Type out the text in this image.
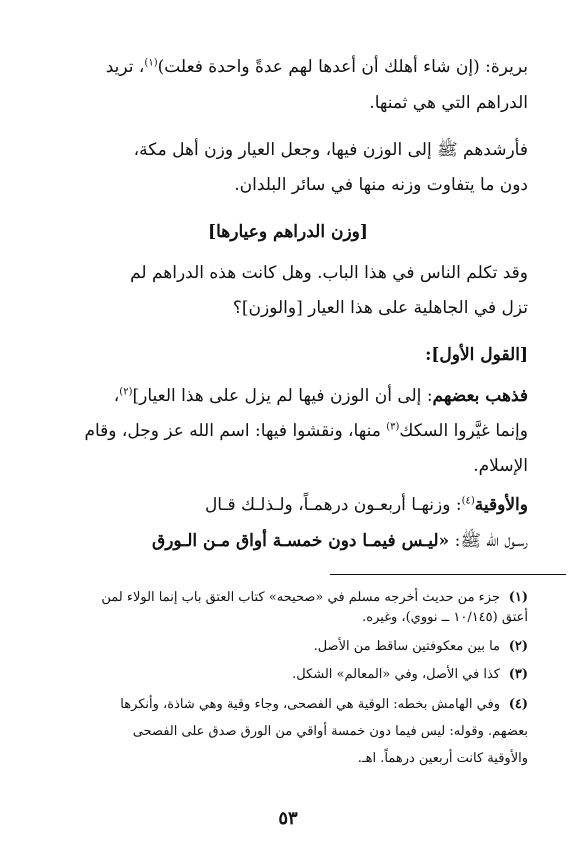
بريرة: (إن شاء أهلك أن أعدها لهم عدةً واحدة فعلت)$^{(١)}$، تريد
الدراهم التي هي ثمنها.
فأرشدهم ﷺ إلى الوزن فيها، وجعل العيار وزن أهل مكة،
دون ما يتفاوت وزنه منها في سائر البلدان.
[وزن الدراهم وعيارها]
وقد تكلم الناس في هذا الباب. وهل كانت هذه الدراهم لم
تزل في الجاهلية على هذا العيار [والوزن]؟
[القول الأول]:
فذهب بعضهم: إلى أن الوزن فيها لم يزل على هذا العيار]$^{(٢)}$،
وإنما غيَّروا السكك$^{(٣)}$ منها، ونقشوا فيها: اسم الله عز وجل، وقام
الإسلام.
والأوقية$^{(٤)}$: وزنهـا أربعـون درهمـاً، ولـذلـك قـال
رسـول الله ﷺ: «ليـس فيمـا دون خمسـة أواق مـن الـورق
(١)جزء من حديث أخرجه مسلم في «صحيحه» كتاب العتق باب إنما الولاء لمن
أعتق (١٠/١٤٥ ــ نووي)، وغيره.
(٢)ما بين معكوفتين ساقط من الأصل.
(٣)كذا في الأصل، وفي «المعالم» الشكل.
(٤)وفي الهامش بخطه: الوقية هي الفصحى، وجاء وقية وهي شاذة، وأنكرها
بعضهم. وقوله: ليس فيما دون خمسة أواقي من الورق صدق على الفصحى
والأوقية كانت أربعين درهماً. اهـ.
٥٣
